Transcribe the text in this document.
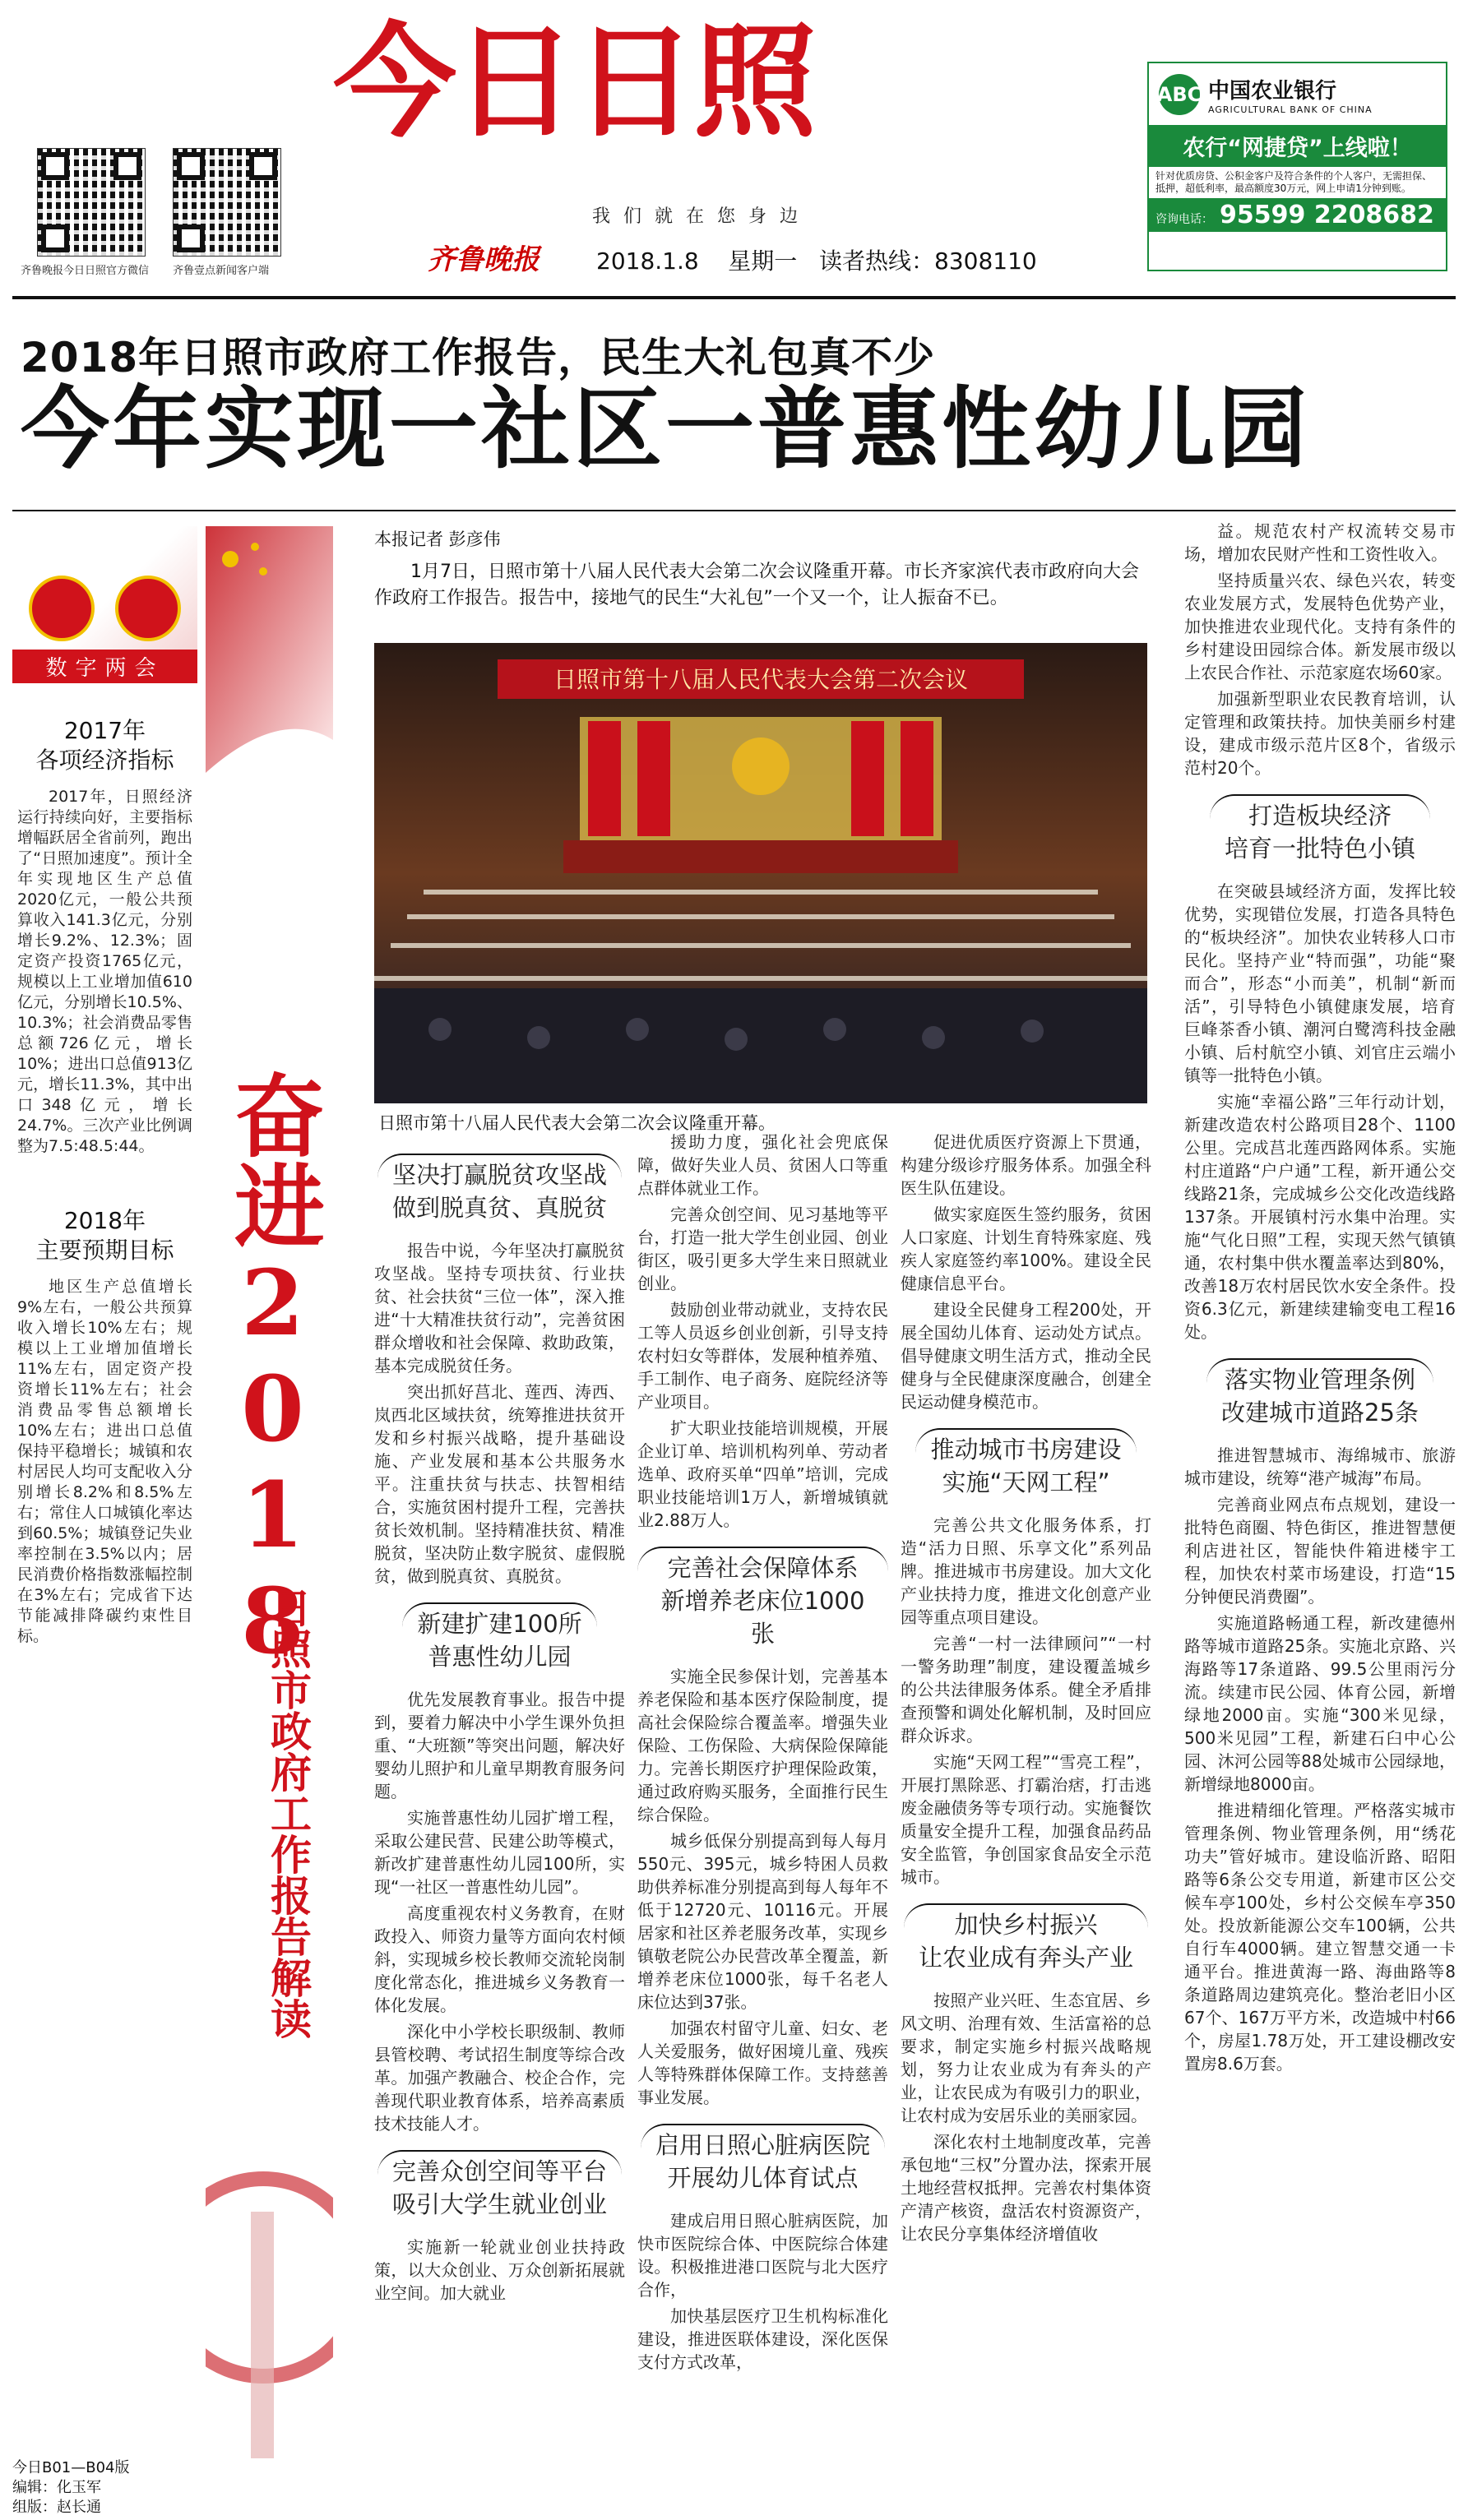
齐鲁晚报今日日照官方微信 齐鲁壹点新闻客户端
今日日照
我们就在您身边
齐鲁晚报 2018.1.8 星期一 读者热线：8308110
ABC 中国农业银行
AGRICULTURAL BANK OF CHINA
农行“网捷贷”上线啦！
针对优质房贷、公积金客户及符合条件的个人客户，无需担保、抵押，超低利率，最高额度30万元，网上申请1分钟到账。
咨询电话： 95599 2208682
2018年日照市政府工作报告，民生大礼包真不少
今年实现一社区一普惠性幼儿园
数字两会
2017年
各项经济指标
2017年，日照经济运行持续向好，主要指标增幅跃居全省前列，跑出了“日照加速度”。预计全年实现地区生产总值2020亿元，一般公共预算收入141.3亿元，分别增长9.2%、12.3%；固定资产投资1765亿元，规模以上工业增加值610亿元，分别增长10.5%、10.3%；社会消费品零售总额726亿元，增长10%；进出口总值913亿元，增长11.3%，其中出口348亿元，增长24.7%。三次产业比例调整为7.5:48.5:44。
2018年
主要预期目标
地区生产总值增长9%左右，一般公共预算收入增长10%左右；规模以上工业增加值增长11%左右，固定资产投资增长11%左右；社会消费品零售总额增长10%左右；进出口总值保持平稳增长；城镇和农村居民人均可支配收入分别增长8.2%和8.5%左右；常住人口城镇化率达到60.5%；城镇登记失业率控制在3.5%以内；居民消费价格指数涨幅控制在3%左右；完成省下达节能减排降碳约束性目标。	奋进2018
日照市政府工作报告解读
本报记者 彭彦伟
1月7日，日照市第十八届人民代表大会第二次会议隆重开幕。市长齐家滨代表市政府向大会作政府工作报告。报告中，接地气的民生“大礼包”一个又一个，让人振奋不已。
日照市第十八届人民代表大会第二次会议
日照市第十八届人民代表大会第二次会议隆重开幕。
坚决打赢脱贫攻坚战
做到脱真贫、真脱贫

报告中说，今年坚决打赢脱贫攻坚战。坚持专项扶贫、行业扶贫、社会扶贫“三位一体”，深入推进“十大精准扶贫行动”，完善贫困群众增收和社会保障、救助政策，基本完成脱贫任务。

突出抓好莒北、莲西、涛西、岚西北区域扶贫，统筹推进扶贫开发和乡村振兴战略，提升基础设施、产业发展和基本公共服务水平。注重扶贫与扶志、扶智相结合，实施贫困村提升工程，完善扶贫长效机制。坚持精准扶贫、精准脱贫，坚决防止数字脱贫、虚假脱贫，做到脱真贫、真脱贫。

新建扩建100所
普惠性幼儿园

优先发展教育事业。报告中提到，要着力解决中小学生课外负担重、“大班额”等突出问题，解决好婴幼儿照护和儿童早期教育服务问题。

实施普惠性幼儿园扩增工程，采取公建民营、民建公助等模式，新改扩建普惠性幼儿园100所，实现“一社区一普惠性幼儿园”。

高度重视农村义务教育，在财政投入、师资力量等方面向农村倾斜，实现城乡校长教师交流轮岗制度化常态化，推进城乡义务教育一体化发展。

深化中小学校长职级制、教师县管校聘、考试招生制度等综合改革。加强产教融合、校企合作，完善现代职业教育体系，培养高素质技术技能人才。

完善众创空间等平台
吸引大学生就业创业

实施新一轮就业创业扶持政策，以大众创业、万众创新拓展就业空间。加大就业

援助力度，强化社会兜底保障，做好失业人员、贫困人口等重点群体就业工作。

完善众创空间、见习基地等平台，打造一批大学生创业园、创业街区，吸引更多大学生来日照就业创业。

鼓励创业带动就业，支持农民工等人员返乡创业创新，引导支持农村妇女等群体，发展种植养殖、手工制作、电子商务、庭院经济等产业项目。

扩大职业技能培训规模，开展企业订单、培训机构列单、劳动者选单、政府买单“四单”培训，完成职业技能培训1万人，新增城镇就业2.88万人。

完善社会保障体系
新增养老床位1000张

实施全民参保计划，完善基本养老保险和基本医疗保险制度，提高社会保险综合覆盖率。增强失业保险、工伤保险、大病保险保障能力。完善长期医疗护理保险政策，通过政府购买服务，全面推行民生综合保险。

城乡低保分别提高到每人每月550元、395元，城乡特困人员救助供养标准分别提高到每人每年不低于12720元、10116元。开展居家和社区养老服务改革，实现乡镇敬老院公办民营改革全覆盖，新增养老床位1000张，每千名老人床位达到37张。

加强农村留守儿童、妇女、老人关爱服务，做好困境儿童、残疾人等特殊群体保障工作。支持慈善事业发展。

启用日照心脏病医院
开展幼儿体育试点

建成启用日照心脏病医院，加快市医院综合体、中医院综合体建设。积极推进港口医院与北大医疗合作，

加快基层医疗卫生机构标准化建设，推进医联体建设，深化医保支付方式改革，

促进优质医疗资源上下贯通，构建分级诊疗服务体系。加强全科医生队伍建设。

做实家庭医生签约服务，贫困人口家庭、计划生育特殊家庭、残疾人家庭签约率100%。建设全民健康信息平台。

建设全民健身工程200处，开展全国幼儿体育、运动处方试点。倡导健康文明生活方式，推动全民健身与全民健康深度融合，创建全民运动健身模范市。

推动城市书房建设
实施“天网工程”

完善公共文化服务体系，打造“活力日照、乐享文化”系列品牌。推进城市书房建设。加大文化产业扶持力度，推进文化创意产业园等重点项目建设。

完善“一村一法律顾问”“一村一警务助理”制度，建设覆盖城乡的公共法律服务体系。健全矛盾排查预警和调处化解机制，及时回应群众诉求。

实施“天网工程”“雪亮工程”，开展打黑除恶、打霸治痞，打击逃废金融债务等专项行动。实施餐饮质量安全提升工程，加强食品药品安全监管，争创国家食品安全示范城市。

加快乡村振兴
让农业成有奔头产业

按照产业兴旺、生态宜居、乡风文明、治理有效、生活富裕的总要求，制定实施乡村振兴战略规划，努力让农业成为有奔头的产业，让农民成为有吸引力的职业，让农村成为安居乐业的美丽家园。

深化农村土地制度改革，完善承包地“三权”分置办法，探索开展土地经营权抵押。完善农村集体资产清产核资，盘活农村资源资产，让农民分享集体经济增值收

益。规范农村产权流转交易市场，增加农民财产性和工资性收入。

坚持质量兴农、绿色兴农，转变农业发展方式，发展特色优势产业，加快推进农业现代化。支持有条件的乡村建设田园综合体。新发展市级以上农民合作社、示范家庭农场60家。

加强新型职业农民教育培训，认定管理和政策扶持。加快美丽乡村建设，建成市级示范片区8个，省级示范村20个。

打造板块经济
培育一批特色小镇

在突破县域经济方面，发挥比较优势，实现错位发展，打造各具特色的“板块经济”。加快农业转移人口市民化。坚持产业“特而强”，功能“聚而合”，形态“小而美”，机制“新而活”，引导特色小镇健康发展，培育巨峰茶香小镇、潮河白鹭湾科技金融小镇、后村航空小镇、刘官庄云端小镇等一批特色小镇。

实施“幸福公路”三年行动计划，新建改造农村公路项目28个、1100公里。完成莒北莲西路网体系。实施村庄道路“户户通”工程，新开通公交线路21条，完成城乡公交化改造线路137条。开展镇村污水集中治理。实施“气化日照”工程，实现天然气镇镇通，农村集中供水覆盖率达到80%，改善18万农村居民饮水安全条件。投资6.3亿元，新建续建输变电工程16处。

落实物业管理条例
改建城市道路25条

推进智慧城市、海绵城市、旅游城市建设，统筹“港产城海”布局。

完善商业网点布点规划，建设一批特色商圈、特色街区，推进智慧便利店进社区，智能快件箱进楼宇工程，加快农村菜市场建设，打造“15分钟便民消费圈”。

实施道路畅通工程，新改建德州路等城市道路25条。实施北京路、兴海路等17条道路、99.5公里雨污分流。续建市民公园、体育公园，新增绿地2000亩。实施“300米见绿，500米见园”工程，新建石臼中心公园、沐河公园等88处城市公园绿地，新增绿地8000亩。

推进精细化管理。严格落实城市管理条例、物业管理条例，用“绣花功夫”管好城市。建设临沂路、昭阳路等6条公交专用道，新建市区公交候车亭100处，乡村公交候车亭350处。投放新能源公交车100辆，公共自行车4000辆。建立智慧交通一卡通平台。推进黄海一路、海曲路等8条道路周边建筑亮化。整治老旧小区67个、167万平方米，改造城中村66个，房屋1.78万处，开工建设棚改安置房8.6万套。

今日B01—B04版
编辑：化玉军
组版：赵长通
